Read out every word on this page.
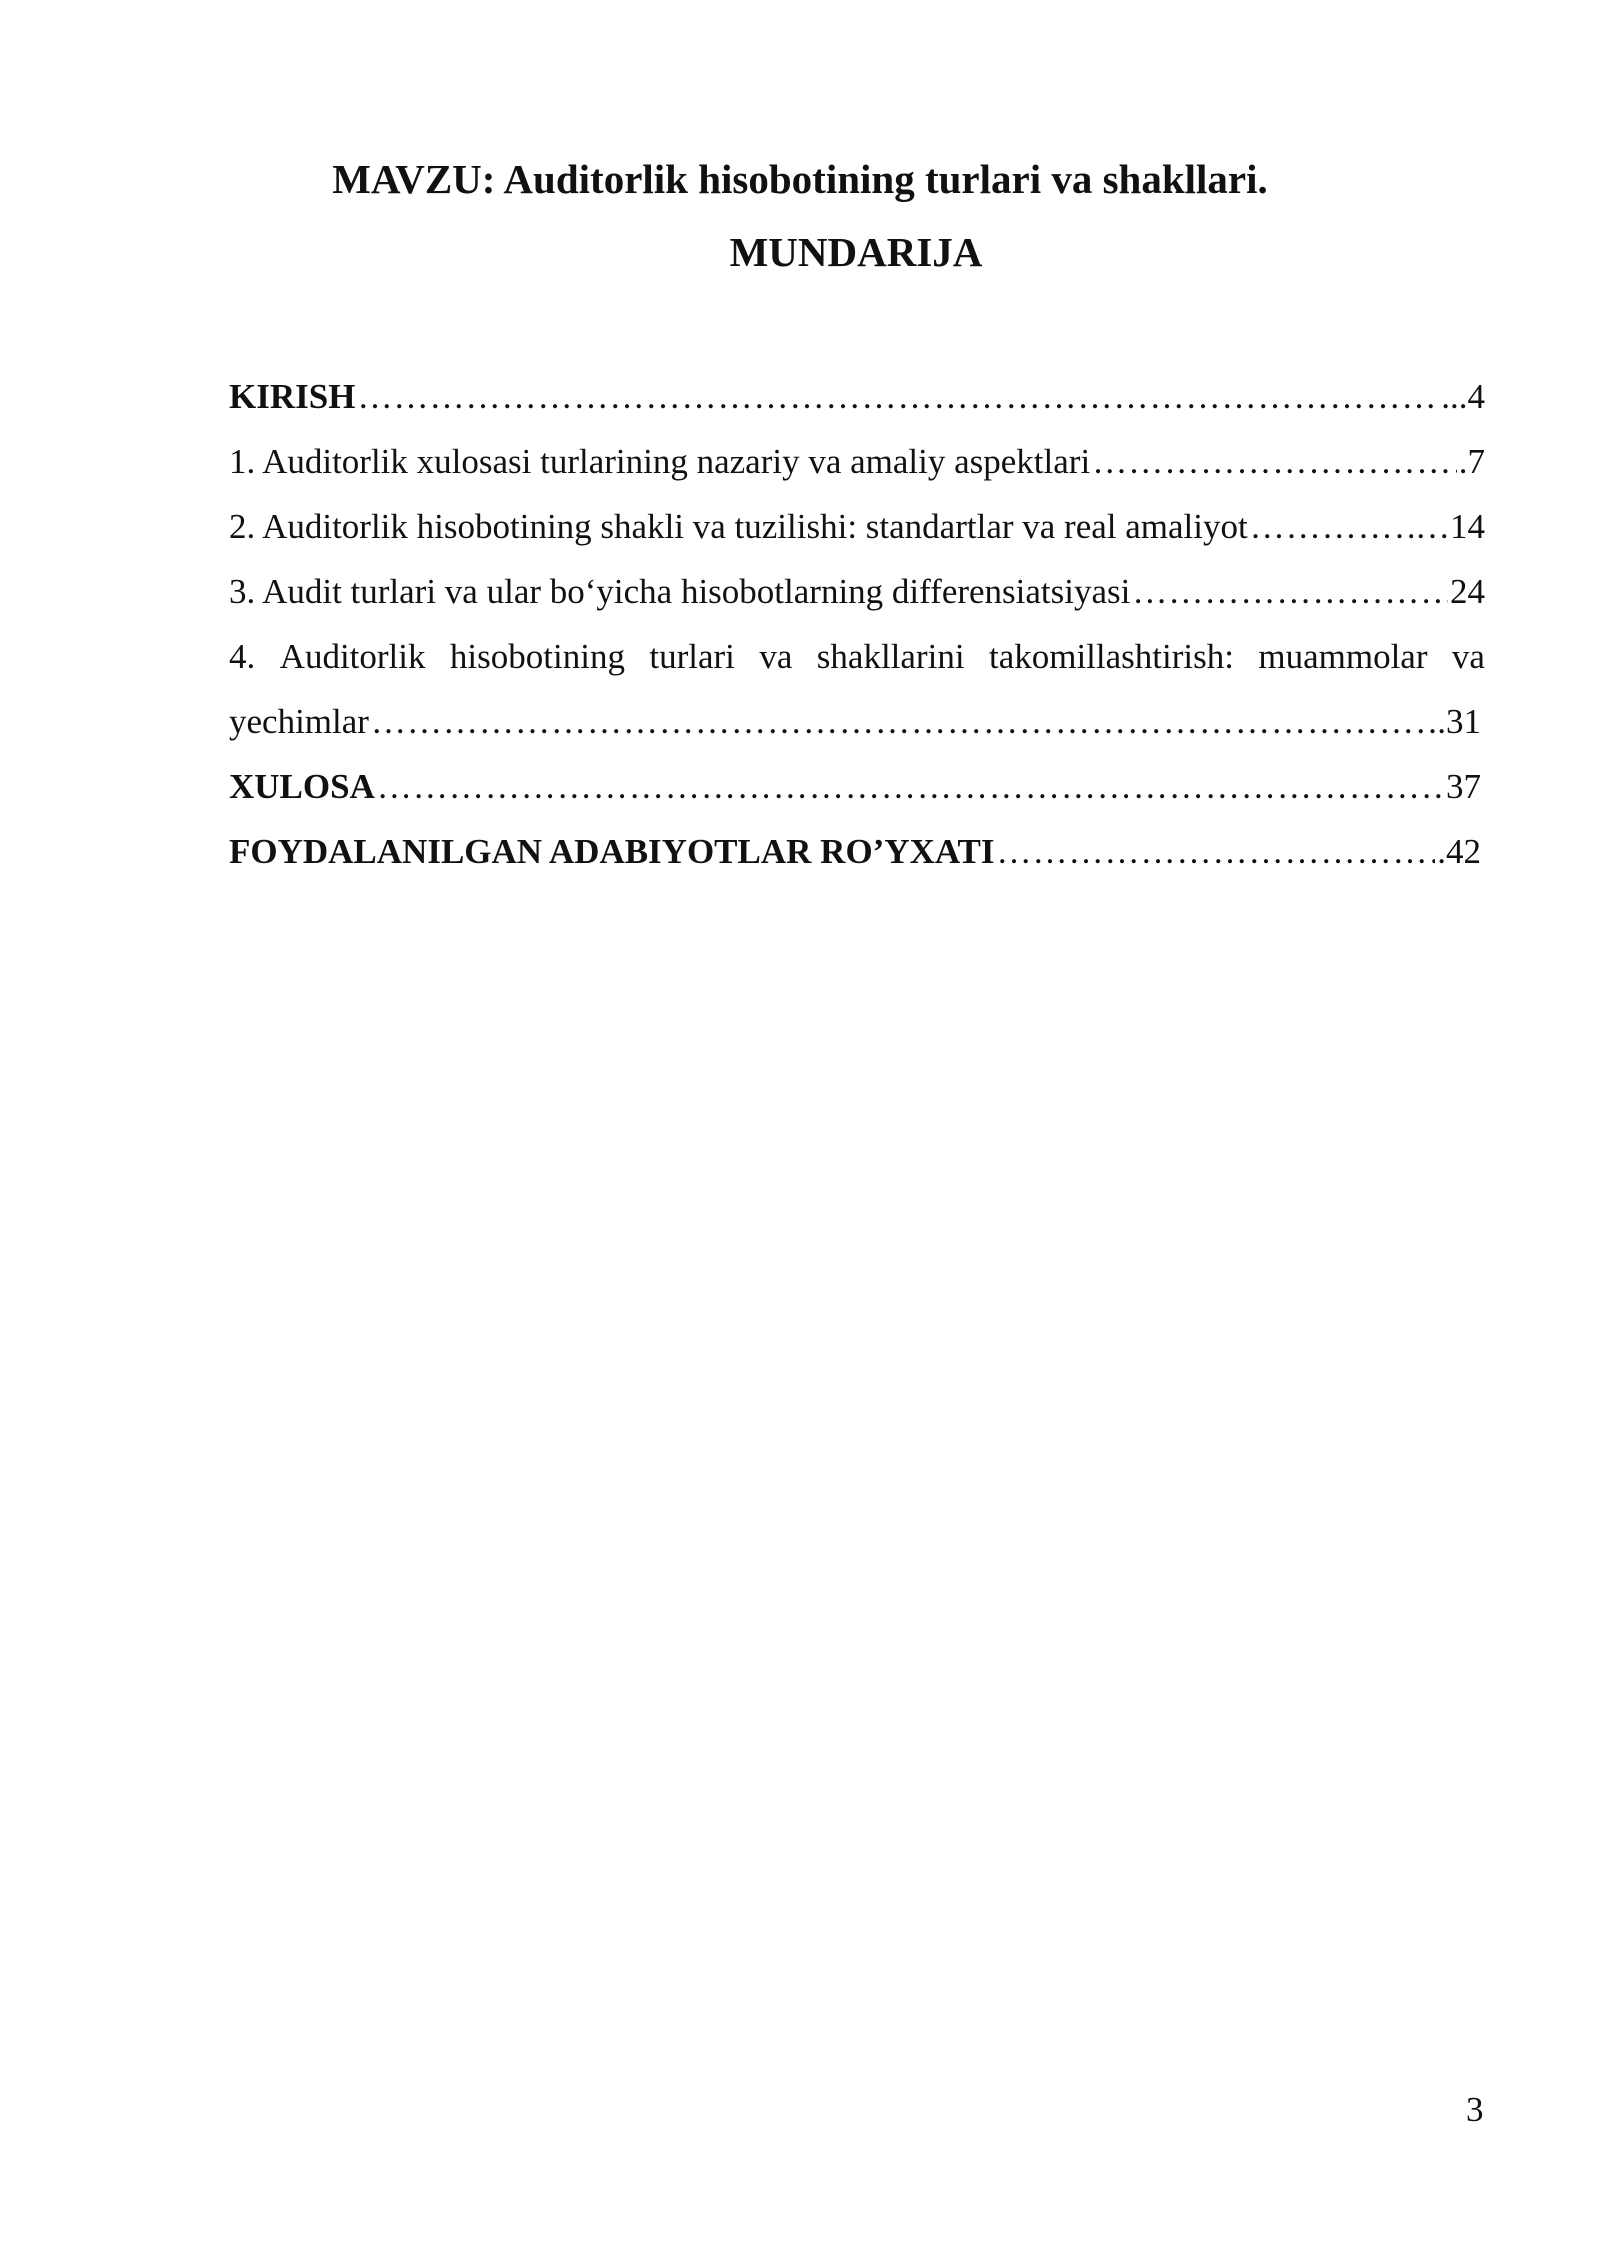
MAVZU: Auditorlik hisobotining turlari va shakllari.

MUNDARIJA

KIRISH ……………………………………………………………………………………………………………………………………………………………………………………	...4
1. Auditorlik xulosasi turlarining nazariy va amaliy aspektlari ……………………………………………………………………………………………………………………………………………………………………………………	.7
2. Auditorlik hisobotining shakli va tuzilishi: standartlar va real amaliyot ……………………………………………………………………………………………………………………………………………………………………………………	…14
3. Audit turlari va ular bo‘yicha hisobotlarning differensiatsiyasi ……………………………………………………………………………………………………………………………………………………………………………………	24
4. Auditorlik hisobotining turlari va shakllarini takomillashtirish: muammolar va
yechimlar ……………………………………………………………………………………………………………………………………………………………………………………	.31
XULOSA ……………………………………………………………………………………………………………………………………………………………………………………	37
FOYDALANILGAN ADABIYOTLAR RO’YXATI ……………………………………………………………………………………………………………………………………………………………………………………	.42
3
